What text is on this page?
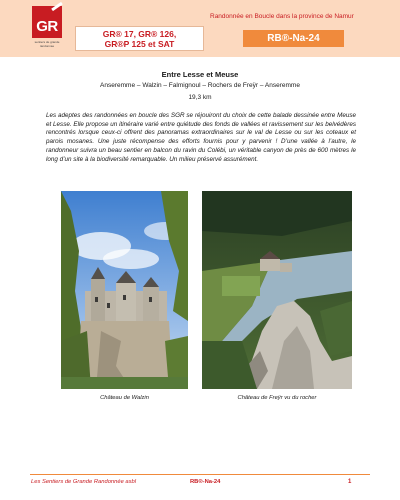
GR
sentiers de grande randonnée
GR® 17, GR® 126,
GR®P 125 et SAT
Randonnée en Boucle dans la province de Namur
RB®-Na-24
Entre Lesse et Meuse
Anseremme – Walzin – Falmignoul – Rochers de Freÿr – Anseremme
19,3 km
Les adeptes des randonnées en boucle des SGR se réjouiront du choix de cette balade dessinée entre Meuse et Lesse. Elle propose un itinéraire varié entre quiétude des fonds de vallées et ravissement sur les belvédères rencontrés lorsque ceux-ci offrent des panoramas extraordinaires sur le val de Lesse ou sur les coteaux et parois mosanes. Une juste récompense des efforts fournis pour y parvenir ! D’une vallée à l’autre, le randonneur suivra un beau sentier en balcon du ravin du Colébi, un véritable canyon de près de 600 mètres le long d’un site à la biodiversité remarquable. Un milieu préservé assurément.
Château de Walzin	Château de Freÿr vu du rocher
Les Sentiers de Grande Randonnée asbl	RB®-Na-24	1
